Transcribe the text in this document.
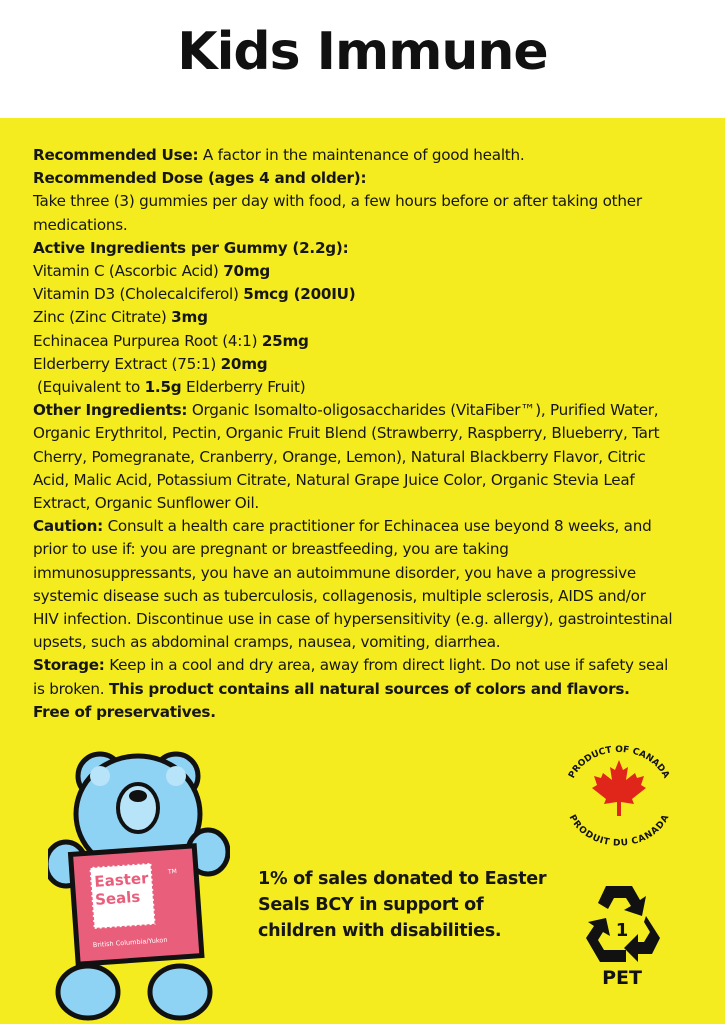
Kids Immune

Recommended Use: A factor in the maintenance of good health.

Recommended Dose (ages 4 and older):

Take three (3) gummies per day with food, a few hours before or after taking other

medications.

Active Ingredients per Gummy (2.2g):

Vitamin C (Ascorbic Acid) 70mg

Vitamin D3 (Cholecalciferol) 5mcg (200IU)

Zinc (Zinc Citrate) 3mg

Echinacea Purpurea Root (4:1) 25mg

Elderberry Extract (75:1) 20mg

(Equivalent to 1.5g Elderberry Fruit)

Other Ingredients: Organic Isomalto-oligosaccharides (VitaFiber™), Purified Water,

Organic Erythritol, Pectin, Organic Fruit Blend (Strawberry, Raspberry, Blueberry, Tart

Cherry, Pomegranate, Cranberry, Orange, Lemon), Natural Blackberry Flavor, Citric

Acid, Malic Acid, Potassium Citrate, Natural Grape Juice Color, Organic Stevia Leaf

Extract, Organic Sunflower Oil.

Caution: Consult a health care practitioner for Echinacea use beyond 8 weeks, and

prior to use if: you are pregnant or breastfeeding, you are taking

immunosuppressants, you have an autoimmune disorder, you have a progressive

systemic disease such as tuberculosis, collagenosis, multiple sclerosis, AIDS and/or

HIV infection. Discontinue use in case of hypersensitivity (e.g. allergy), gastrointestinal

upsets, such as abdominal cramps, nausea, vomiting, diarrhea.

Storage: Keep in a cool and dry area, away from direct light. Do not use if safety seal

is broken. This product contains all natural sources of colors and flavors.

Free of preservatives.

Easter
Seals
TM
British Columbia/Yukon
1% of sales donated to Easter
Seals BCY in support of
children with disabilities.
PRODUCT OF CANADA
PRODUIT DU CANADA
1
PET
